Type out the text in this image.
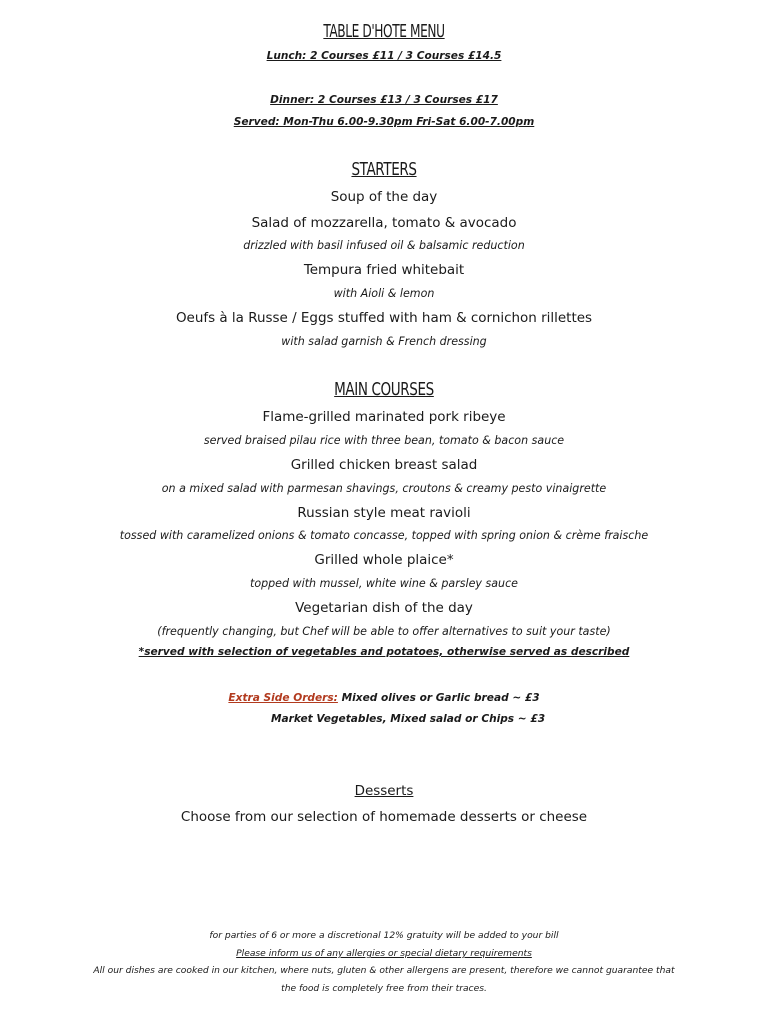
TABLE D'HOTE MENU
Lunch: 2 Courses £11 / 3 Courses £14.5
Dinner: 2 Courses £13 / 3 Courses £17
Served: Mon-Thu 6.00-9.30pm Fri-Sat 6.00-7.00pm
STARTERS
Soup of the day
Salad of mozzarella, tomato & avocado
drizzled with basil infused oil & balsamic reduction
Tempura fried whitebait
with Aioli & lemon
Oeufs à la Russe / Eggs stuffed with ham & cornichon rillettes
with salad garnish & French dressing
MAIN COURSES
Flame-grilled marinated pork ribeye
served braised pilau rice with three bean, tomato & bacon sauce
Grilled chicken breast salad
on a mixed salad with parmesan shavings, croutons & creamy pesto vinaigrette
Russian style meat ravioli
tossed with caramelized onions & tomato concasse, topped with spring onion & crème fraische
Grilled whole plaice*
topped with mussel, white wine & parsley sauce
Vegetarian dish of the day
(frequently changing, but Chef will be able to offer alternatives to suit your taste)
*served with selection of vegetables and potatoes, otherwise served as described
Extra Side Orders: Mixed olives or Garlic bread ~ £3
Market Vegetables, Mixed salad or Chips ~ £3
Desserts
Choose from our selection of homemade desserts or cheese
for parties of 6 or more a discretional 12% gratuity will be added to your bill
Please inform us of any allergies or special dietary requirements
All our dishes are cooked in our kitchen, where nuts, gluten & other allergens are present, therefore we cannot guarantee that
the food is completely free from their traces.
